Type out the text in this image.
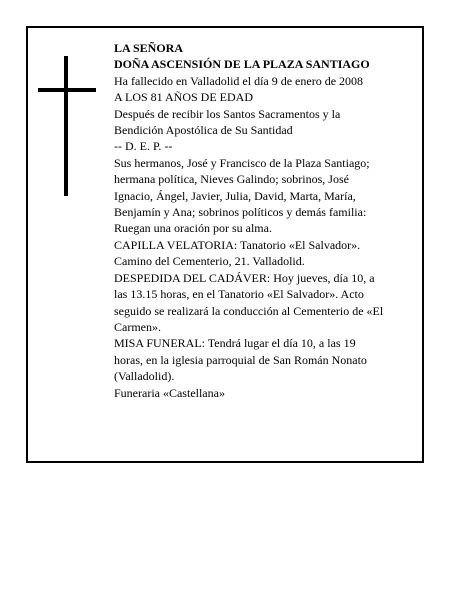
LA SEÑORA
DOÑA ASCENSIÓN DE LA PLAZA SANTIAGO
Ha fallecido en Valladolid el día 9 de enero de 2008
A LOS 81 AÑOS DE EDAD
Después de recibir los Santos Sacramentos y la
Bendición Apostólica de Su Santidad
-- D. E. P. --
Sus hermanos, José y Francisco de la Plaza Santiago;
hermana política, Nieves Galindo; sobrinos, José
Ignacio, Ángel, Javier, Julia, David, Marta, María,
Benjamín y Ana; sobrinos políticos y demás familia:
Ruegan una oración por su alma.
CAPILLA VELATORIA: Tanatorio «El Salvador».
Camino del Cementerio, 21. Valladolid.
DESPEDIDA DEL CADÁVER: Hoy jueves, día 10, a
las 13.15 horas, en el Tanatorio «El Salvador». Acto
seguido se realizará la conducción al Cementerio de «El
Carmen».
MISA FUNERAL: Tendrá lugar el día 10, a las 19
horas, en la iglesia parroquial de San Román Nonato
(Valladolid).
Funeraria «Castellana»
